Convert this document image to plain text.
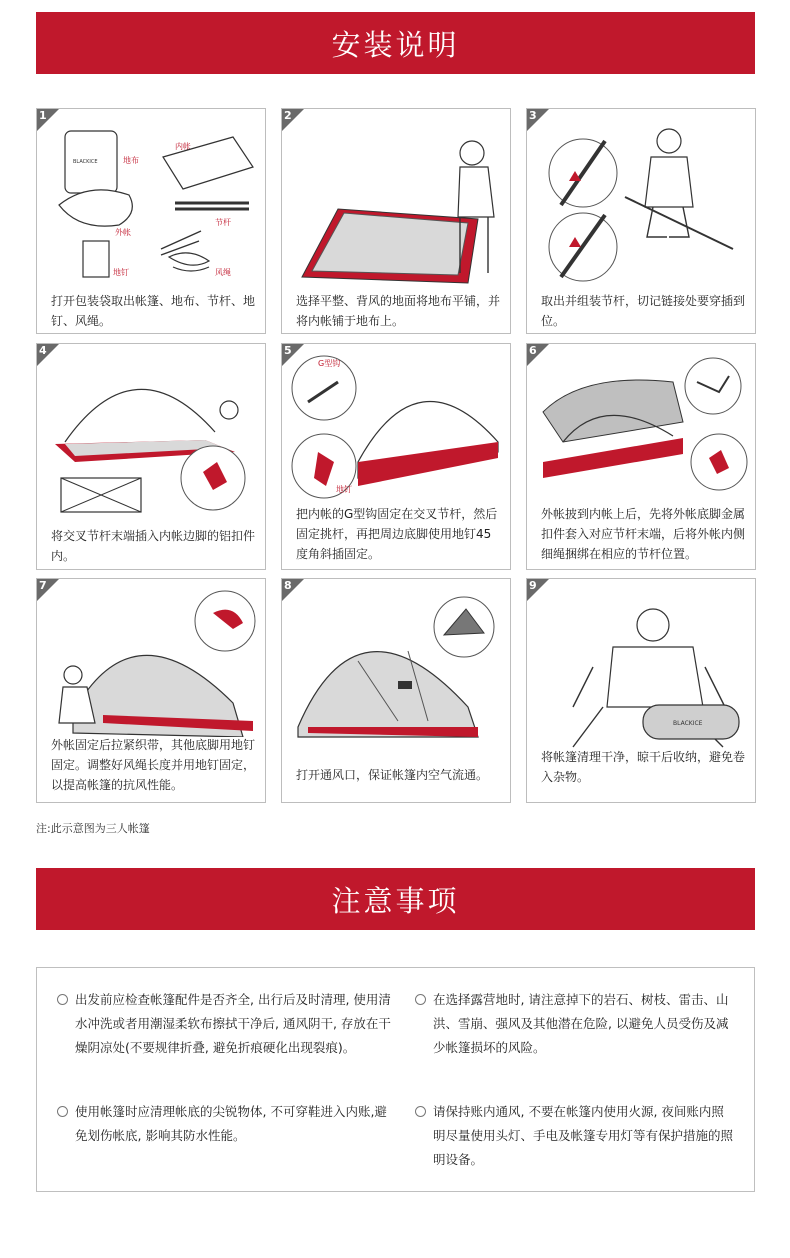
安装说明
1
BLACKICE	地布
内帐
外帐
节杆
地钉	风绳
打开包装袋取出帐篷、地布、节杆、地钉、风绳。
2
选择平整、背风的地面将地布平铺，并将内帐铺于地布上。
3
取出并组装节杆，切记链接处要穿插到位。
4
将交叉节杆末端插入内帐边脚的铝扣件内。
5
G型钩
地钉
把内帐的G型钩固定在交叉节杆，然后固定挑杆，再把周边底脚使用地钉45度角斜插固定。
6
外帐披到内帐上后，先将外帐底脚金属扣件套入对应节杆末端，后将外帐内侧细绳捆绑在相应的节杆位置。
7
外帐固定后拉紧织带，其他底脚用地钉固定。调整好风绳长度并用地钉固定，以提高帐篷的抗风性能。
8
打开通风口，保证帐篷内空气流通。
9
BLACKICE
将帐篷清理干净，晾干后收纳，避免卷入杂物。
注:此示意图为三人帐篷
注意事项
出发前应检查帐篷配件是否齐全, 出行后及时清理, 使用清水冲洗或者用潮湿柔软布擦拭干净后, 通风阴干, 存放在干燥阴凉处(不要规律折叠, 避免折痕硬化出现裂痕)。
在选择露营地时, 请注意掉下的岩石、树枝、雷击、山洪、雪崩、强风及其他潜在危险, 以避免人员受伤及减少帐篷损坏的风险。
使用帐篷时应清理帐底的尖锐物体, 不可穿鞋进入内账,避免划伤帐底, 影响其防水性能。
请保持账内通风, 不要在帐篷内使用火源, 夜间账内照明尽量使用头灯、手电及帐篷专用灯等有保护措施的照明设备。
